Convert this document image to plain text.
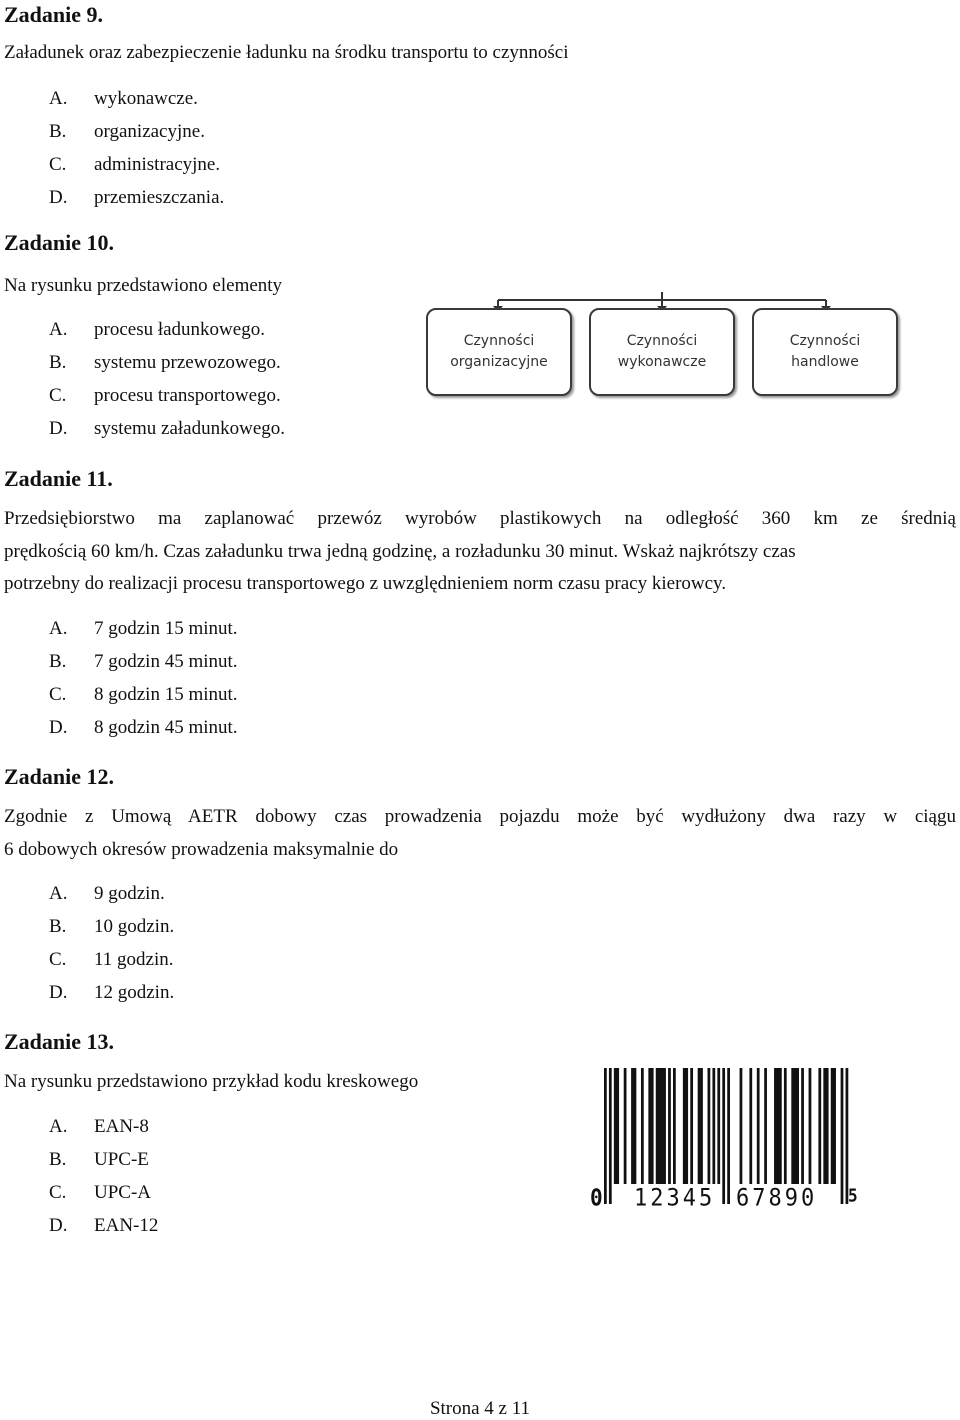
Zadanie 9.
Załadunek oraz zabezpieczenie ładunku na środku transportu to czynności
A. wykonawcze.
B. organizacyjne.
C. administracyjne.
D. przemieszczania.
Zadanie 10.
Na rysunku przedstawiono elementy
A. procesu ładunkowego.
B. systemu przewozowego.
C. procesu transportowego.
D. systemu załadunkowego.
Czynności
organizacyjne
Czynności
wykonawcze
Czynności
handlowe
Zadanie 11.
Przedsiębiorstwo ma zaplanować przewóz wyrobów plastikowych na odległość 360 km ze średnią
prędkością 60 km/h. Czas załadunku trwa jedną godzinę, a rozładunku 30 minut. Wskaż najkrótszy czas
potrzebny do realizacji procesu transportowego z uwzględnieniem norm czasu pracy kierowcy.
A. 7 godzin 15 minut.
B. 7 godzin 45 minut.
C. 8 godzin 15 minut.
D. 8 godzin 45 minut.
Zadanie 12.
Zgodnie z Umową AETR dobowy czas prowadzenia pojazdu może być wydłużony dwa razy w ciągu
6 dobowych okresów prowadzenia maksymalnie do
A. 9 godzin.
B. 10 godzin.
C. 11 godzin.
D. 12 godzin.
Zadanie 13.
Na rysunku przedstawiono przykład kodu kreskowego
A. EAN-8
B. UPC-E
C. UPC-A
D. EAN-12
0 12345 67890 5
Strona 4 z 11
